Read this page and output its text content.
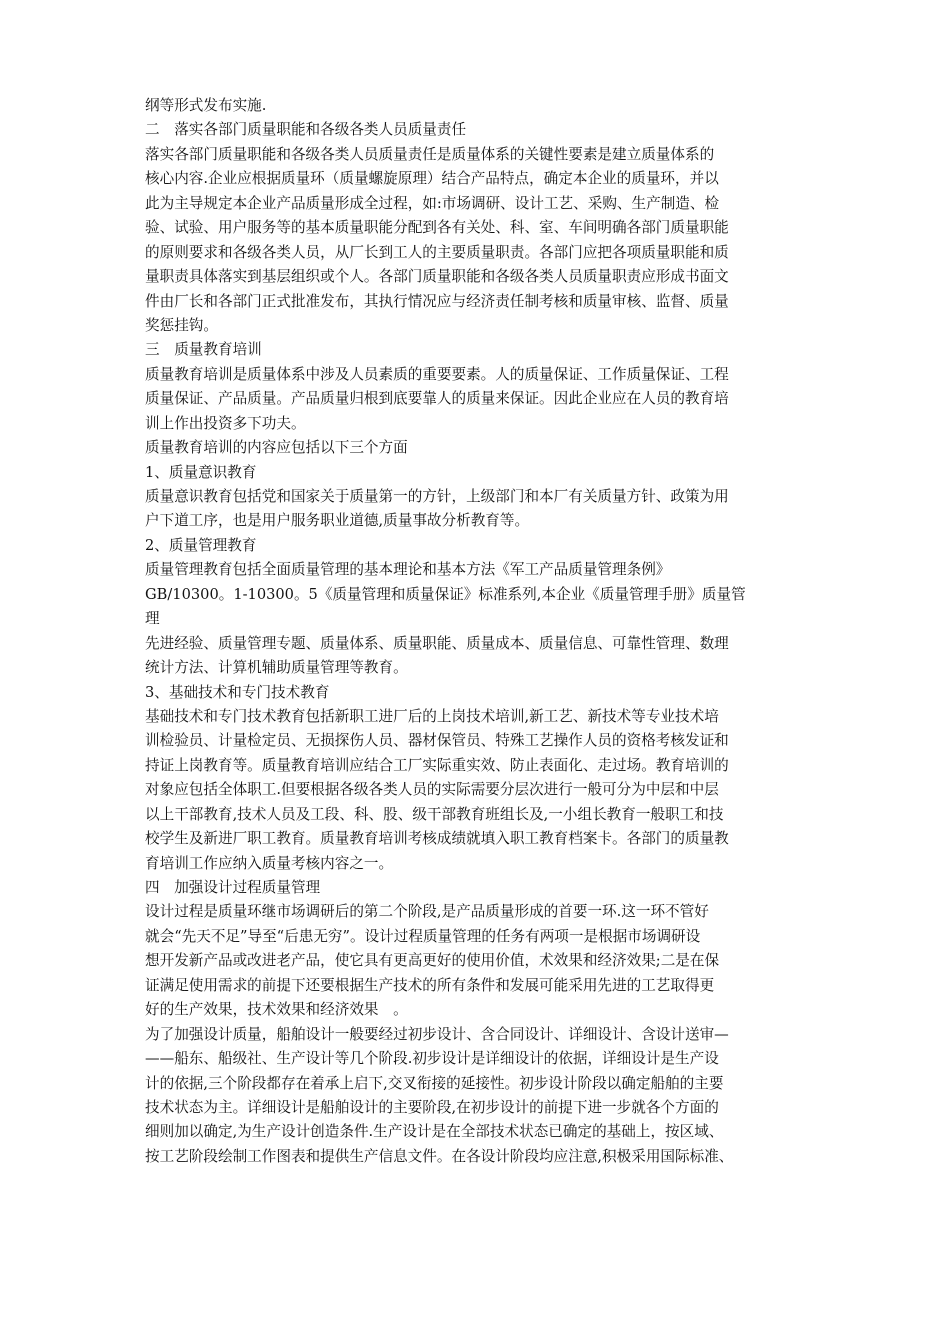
纲等形式发布实施.
二　落实各部门质量职能和各级各类人员质量责任
落实各部门质量职能和各级各类人员质量责任是质量体系的关键性要素是建立质量体系的
核心内容.企业应根据质量环（质量螺旋原理）结合产品特点，确定本企业的质量环，并以
此为主导规定本企业产品质量形成全过程，如:市场调研、设计工艺、采购、生产制造、检
验、试验、用户服务等的基本质量职能分配到各有关处、科、室、车间明确各部门质量职能
的原则要求和各级各类人员，从厂长到工人的主要质量职责。各部门应把各项质量职能和质
量职责具体落实到基层组织或个人。各部门质量职能和各级各类人员质量职责应形成书面文
件由厂长和各部门正式批准发布，其执行情况应与经济责任制考核和质量审核、监督、质量
奖惩挂钩。
三　质量教育培训
质量教育培训是质量体系中涉及人员素质的重要要素。人的质量保证、工作质量保证、工程
质量保证、产品质量。产品质量归根到底要靠人的质量来保证。因此企业应在人员的教育培
训上作出投资多下功夫。
质量教育培训的内容应包括以下三个方面
1、质量意识教育
质量意识教育包括党和国家关于质量第一的方针，上级部门和本厂有关质量方针、政策为用
户下道工序，也是用户服务职业道德,质量事故分析教育等。
2、质量管理教育
质量管理教育包括全面质量管理的基本理论和基本方法《军工产品质量管理条例》
GB/10300。1-10300。5《质量管理和质量保证》标准系列,本企业《质量管理手册》质量管
理
先进经验、质量管理专题、质量体系、质量职能、质量成本、质量信息、可靠性管理、数理
统计方法、计算机辅助质量管理等教育。
3、基础技术和专门技术教育
基础技术和专门技术教育包括新职工进厂后的上岗技术培训,新工艺、新技术等专业技术培
训检验员、计量检定员、无损探伤人员、器材保管员、特殊工艺操作人员的资格考核发证和
持证上岗教育等。质量教育培训应结合工厂实际重实效、防止表面化、走过场。教育培训的
对象应包括全体职工.但要根据各级各类人员的实际需要分层次进行一般可分为中层和中层
以上干部教育,技术人员及工段、科、股、级干部教育班组长及,一小组长教育一般职工和技
校学生及新进厂职工教育。质量教育培训考核成绩就填入职工教育档案卡。各部门的质量教
育培训工作应纳入质量考核内容之一。
四　加强设计过程质量管理
设计过程是质量环继市场调研后的第二个阶段,是产品质量形成的首要一环.这一环不管好
就会“先天不足”导至“后患无穷”。设计过程质量管理的任务有两项一是根据市场调研设
想开发新产品或改进老产品，使它具有更高更好的使用价值，术效果和经济效果;二是在保
证满足使用需求的前提下还要根据生产技术的所有条件和发展可能采用先进的工艺取得更
好的生产效果，技术效果和经济效果　。
为了加强设计质量，船舶设计一般要经过初步设计、含合同设计、详细设计、含设计送审—
——船东、船级社、生产设计等几个阶段.初步设计是详细设计的依据，详细设计是生产设
计的依据,三个阶段都存在着承上启下,交叉衔接的延接性。初步设计阶段以确定船舶的主要
技术状态为主。详细设计是船舶设计的主要阶段,在初步设计的前提下进一步就各个方面的
细则加以确定,为生产设计创造条件.生产设计是在全部技术状态已确定的基础上，按区域、
按工艺阶段绘制工作图表和提供生产信息文件。在各设计阶段均应注意,积极采用国际标准、
